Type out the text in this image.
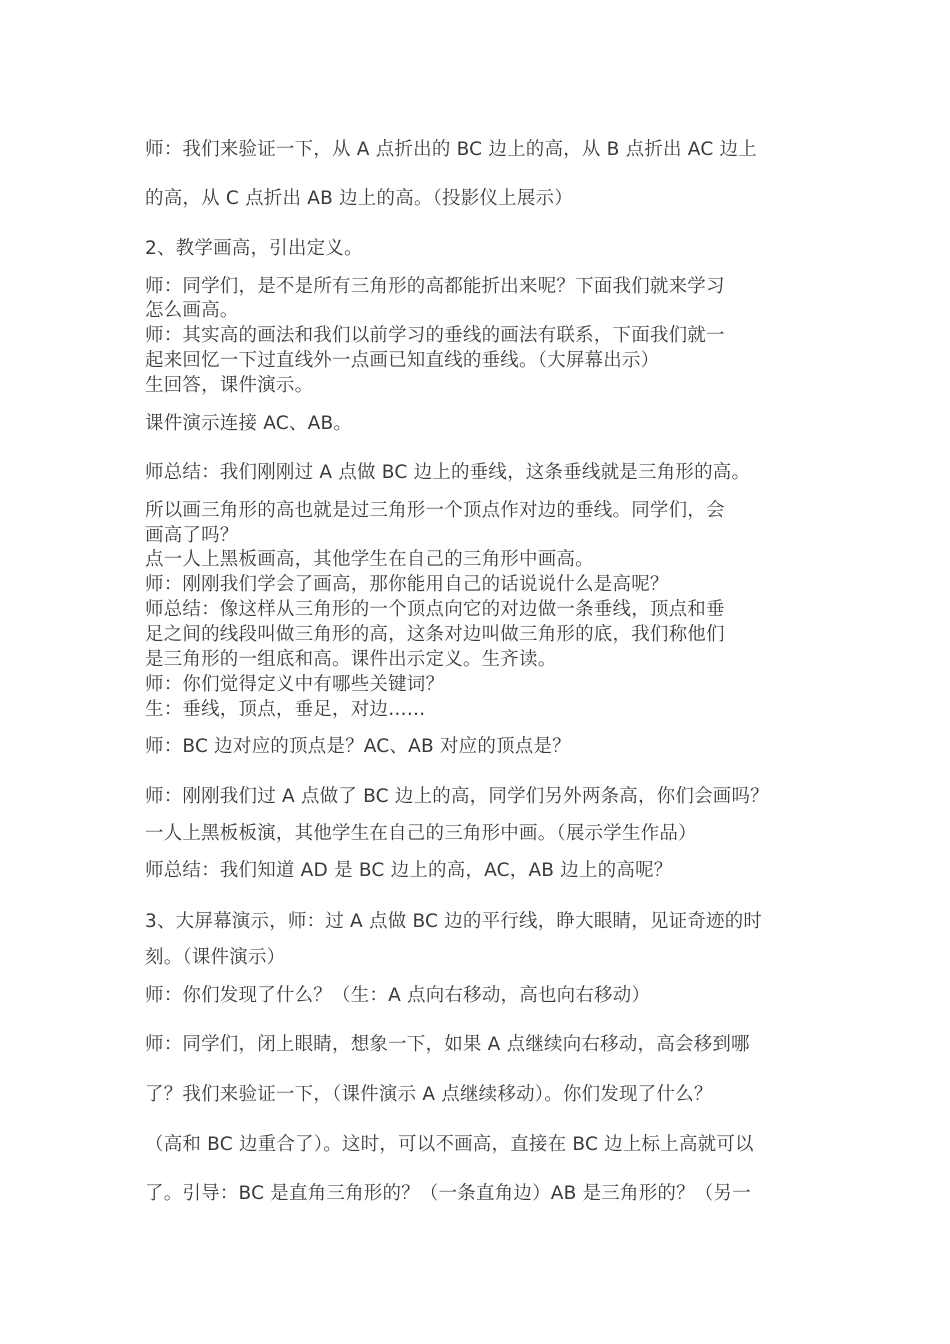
师：我们来验证一下，从 A 点折出的 BC 边上的高，从 B 点折出 AC 边上
的高，从 C 点折出 AB 边上的高。（投影仪上展示）
2、教学画高，引出定义。
师：同学们，是不是所有三角形的高都能折出来呢？下面我们就来学习
怎么画高。
师：其实高的画法和我们以前学习的垂线的画法有联系，下面我们就一
起来回忆一下过直线外一点画已知直线的垂线。（大屏幕出示）
生回答，课件演示。
课件演示连接 AC、AB。
师总结：我们刚刚过 A 点做 BC 边上的垂线，这条垂线就是三角形的高。
所以画三角形的高也就是过三角形一个顶点作对边的垂线。同学们，会
画高了吗？
点一人上黑板画高，其他学生在自己的三角形中画高。
师：刚刚我们学会了画高，那你能用自己的话说说什么是高呢？
师总结：像这样从三角形的一个顶点向它的对边做一条垂线，顶点和垂
足之间的线段叫做三角形的高，这条对边叫做三角形的底，我们称他们
是三角形的一组底和高。课件出示定义。生齐读。
师：你们觉得定义中有哪些关键词？
生：垂线，顶点，垂足，对边……
师：BC 边对应的顶点是？AC、AB 对应的顶点是？
师：刚刚我们过 A 点做了 BC 边上的高，同学们另外两条高，你们会画吗？
一人上黑板板演，其他学生在自己的三角形中画。（展示学生作品）
师总结：我们知道 AD 是 BC 边上的高，AC，AB 边上的高呢？
3、大屏幕演示，师：过 A 点做 BC 边的平行线，睁大眼睛，见证奇迹的时
刻。（课件演示）
师：你们发现了什么？（生：A 点向右移动，高也向右移动）
师：同学们，闭上眼睛，想象一下，如果 A 点继续向右移动，高会移到哪
了？我们来验证一下，（课件演示 A 点继续移动）。你们发现了什么？
（高和 BC 边重合了）。这时，可以不画高，直接在 BC 边上标上高就可以
了。引导：BC 是直角三角形的？（一条直角边）AB 是三角形的？（另一
